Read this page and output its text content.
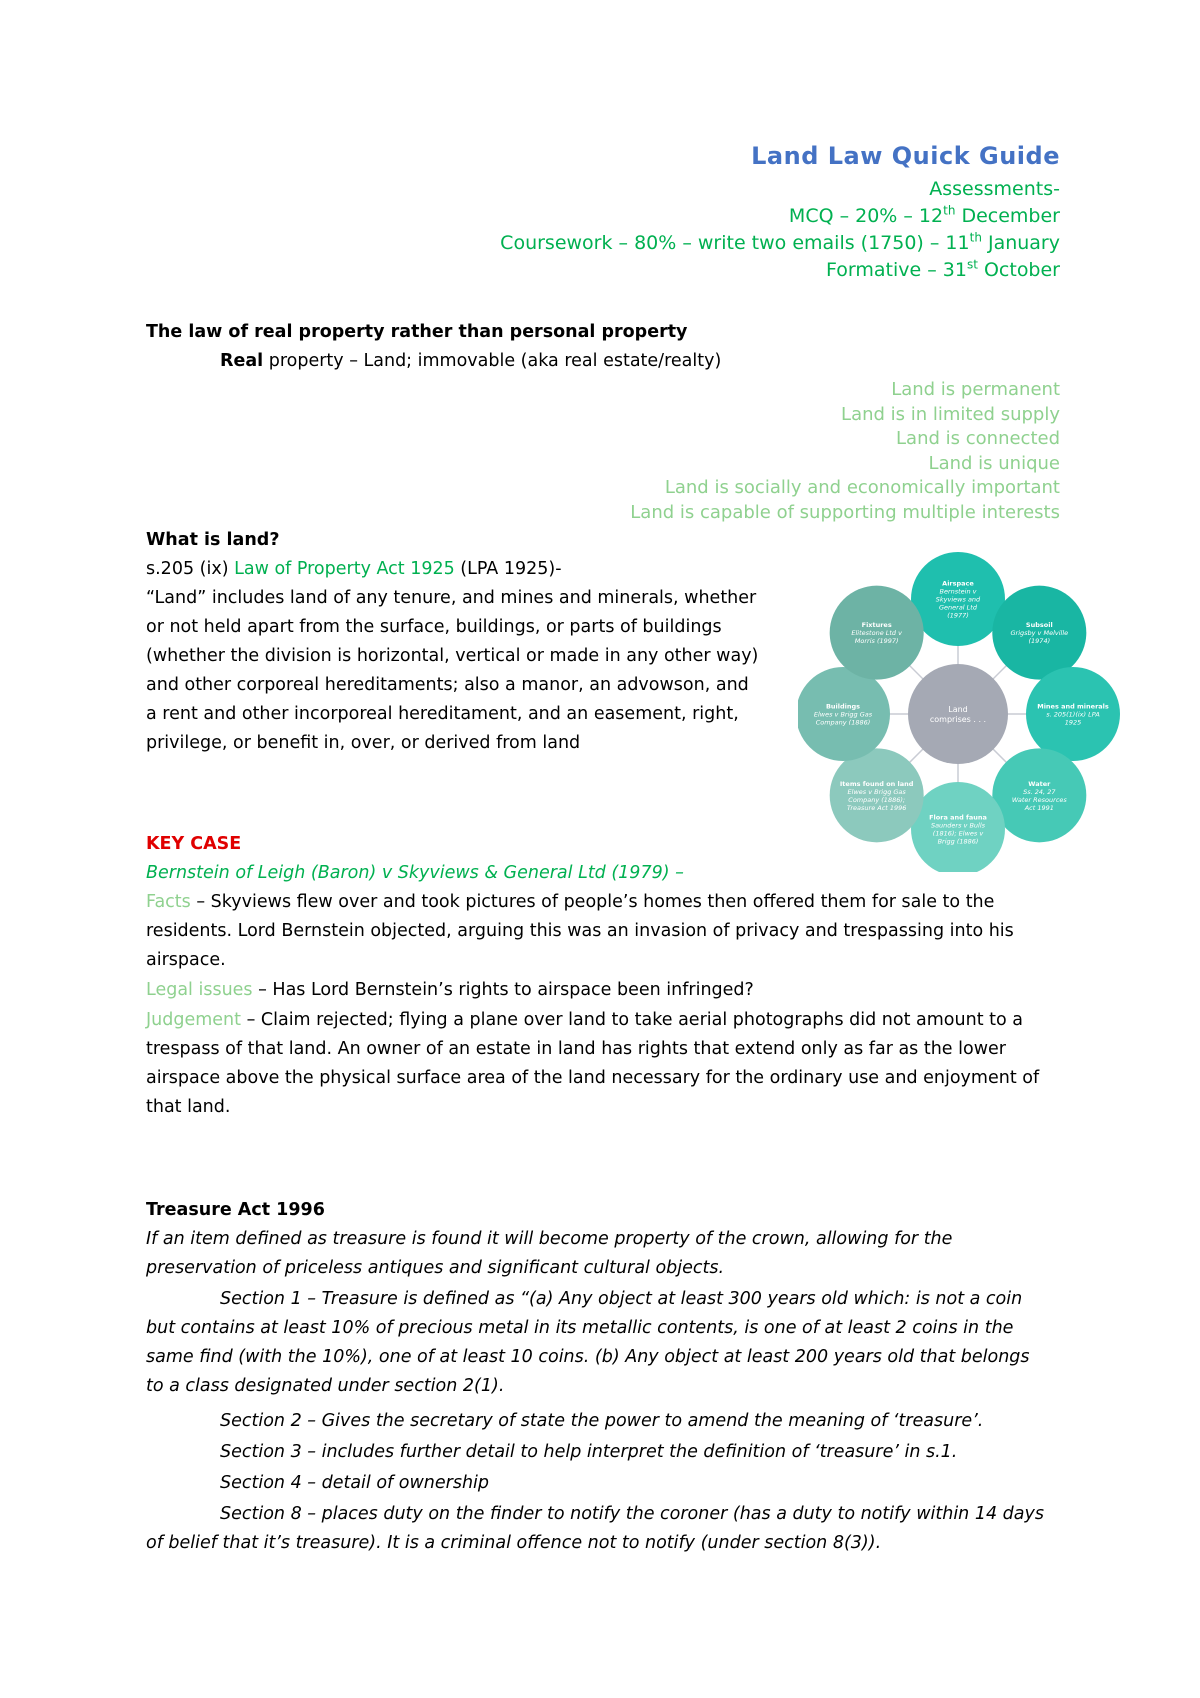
Land Law Quick Guide
Assessments-
MCQ – 20% – 12th December
Coursework – 80% – write two emails (1750) – 11th January
Formative – 31st October
The law of real property rather than personal property
Real property – Land; immovable (aka real estate/realty)
Land is permanent
Land is in limited supply
Land is connected
Land is unique
Land is socially and economically important
Land is capable of supporting multiple interests
What is land?
s.205 (ix) Law of Property Act 1925 (LPA 1925)-
“Land” includes land of any tenure, and mines and minerals, whether
or not held apart from the surface, buildings, or parts of buildings
(whether the division is horizontal, vertical or made in any other way)
and other corporeal hereditaments; also a manor, an advowson, and
a rent and other incorporeal hereditament, and an easement, right,
privilege, or benefit in, over, or derived from land
Airspace
Bernstein v
Skyviews and
General Ltd
(1977)
Subsoil
Grigsby v Melville
(1974)
Mines and minerals
s. 205(1)(ix) LPA
1925
Water
Ss. 24, 27
Water Resources
Act 1991
Flora and fauna
Saunders v Bulls
(1816); Elwes v
Brigg (1886)
Items found on land
Elwes v Brigg Gas
Company (1886);
Treasure Act 1996
Buildings
Elwes v Brigg Gas
Company (1886)
Fixtures
Elitestone Ltd v
Morris (1997)
Land
comprises . . .
KEY CASE
Bernstein of Leigh (Baron) v Skyviews & General Ltd (1979) –
Facts – Skyviews flew over and took pictures of people’s homes then offered them for sale to the
residents. Lord Bernstein objected, arguing this was an invasion of privacy and trespassing into his
airspace.
Legal issues – Has Lord Bernstein’s rights to airspace been infringed?
Judgement – Claim rejected; flying a plane over land to take aerial photographs did not amount to a
trespass of that land. An owner of an estate in land has rights that extend only as far as the lower
airspace above the physical surface area of the land necessary for the ordinary use and enjoyment of
that land.
Treasure Act 1996
If an item defined as treasure is found it will become property of the crown, allowing for the
preservation of priceless antiques and significant cultural objects.
Section 1 – Treasure is defined as “(a) Any object at least 300 years old which: is not a coin
but contains at least 10% of precious metal in its metallic contents, is one of at least 2 coins in the
same find (with the 10%), one of at least 10 coins. (b) Any object at least 200 years old that belongs
to a class designated under section 2(1).
Section 2 – Gives the secretary of state the power to amend the meaning of ‘treasure’.
Section 3 – includes further detail to help interpret the definition of ‘treasure’ in s.1.
Section 4 – detail of ownership
Section 8 – places duty on the finder to notify the coroner (has a duty to notify within 14 days
of belief that it’s treasure). It is a criminal offence not to notify (under section 8(3)).
